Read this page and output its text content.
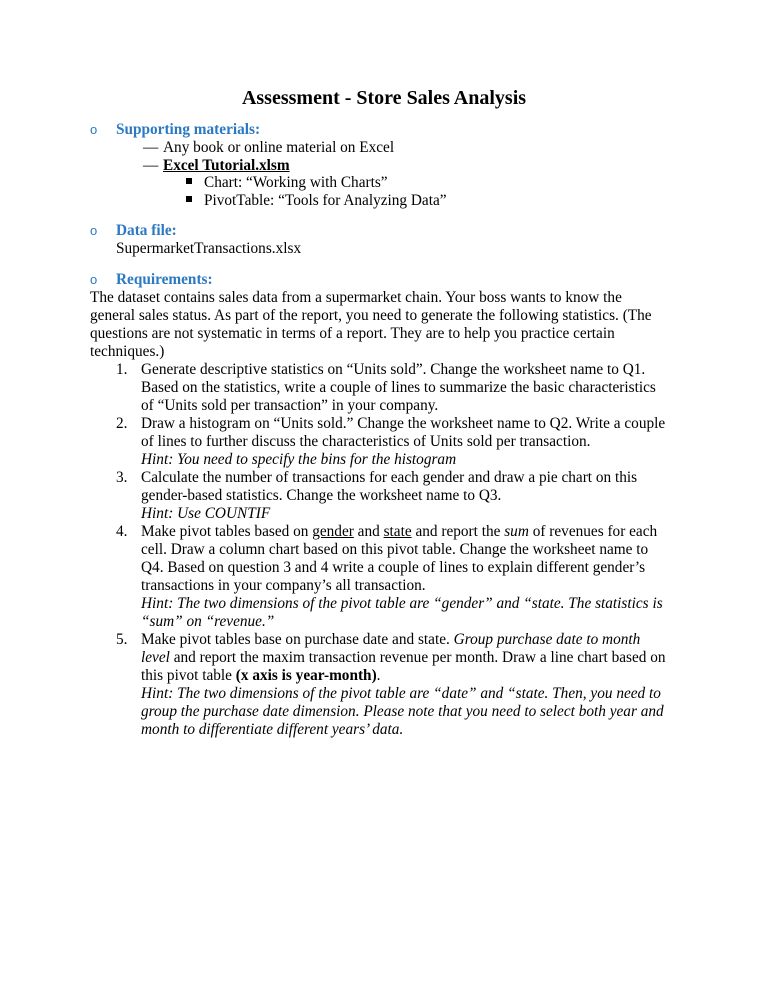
Assessment - Store Sales Analysis
o Supporting materials:
— Any book or online material on Excel
— Excel Tutorial.xlsm
Chart: “Working with Charts”
PivotTable: “Tools for Analyzing Data”
o Data file:
SupermarketTransactions.xlsx
o Requirements:
The dataset contains sales data from a supermarket chain. Your boss wants to know the
general sales status. As part of the report, you need to generate the following statistics. (The
questions are not systematic in terms of a report. They are to help you practice certain
techniques.)
1. Generate descriptive statistics on “Units sold”. Change the worksheet name to Q1.
Based on the statistics, write a couple of lines to summarize the basic characteristics
of “Units sold per transaction” in your company.
2. Draw a histogram on “Units sold.” Change the worksheet name to Q2. Write a couple
of lines to further discuss the characteristics of Units sold per transaction.
Hint: You need to specify the bins for the histogram
3. Calculate the number of transactions for each gender and draw a pie chart on this
gender-based statistics. Change the worksheet name to Q3.
Hint: Use COUNTIF
4. Make pivot tables based on gender and state and report the sum of revenues for each
cell. Draw a column chart based on this pivot table. Change the worksheet name to
Q4. Based on question 3 and 4 write a couple of lines to explain different gender’s
transactions in your company’s all transaction.
Hint: The two dimensions of the pivot table are “gender” and “state. The statistics is
“sum” on “revenue.”
5. Make pivot tables base on purchase date and state. Group purchase date to month
level and report the maxim transaction revenue per month. Draw a line chart based on
this pivot table (x axis is year-month).
Hint: The two dimensions of the pivot table are “date” and “state. Then, you need to
group the purchase date dimension. Please note that you need to select both year and
month to differentiate different years’ data.
